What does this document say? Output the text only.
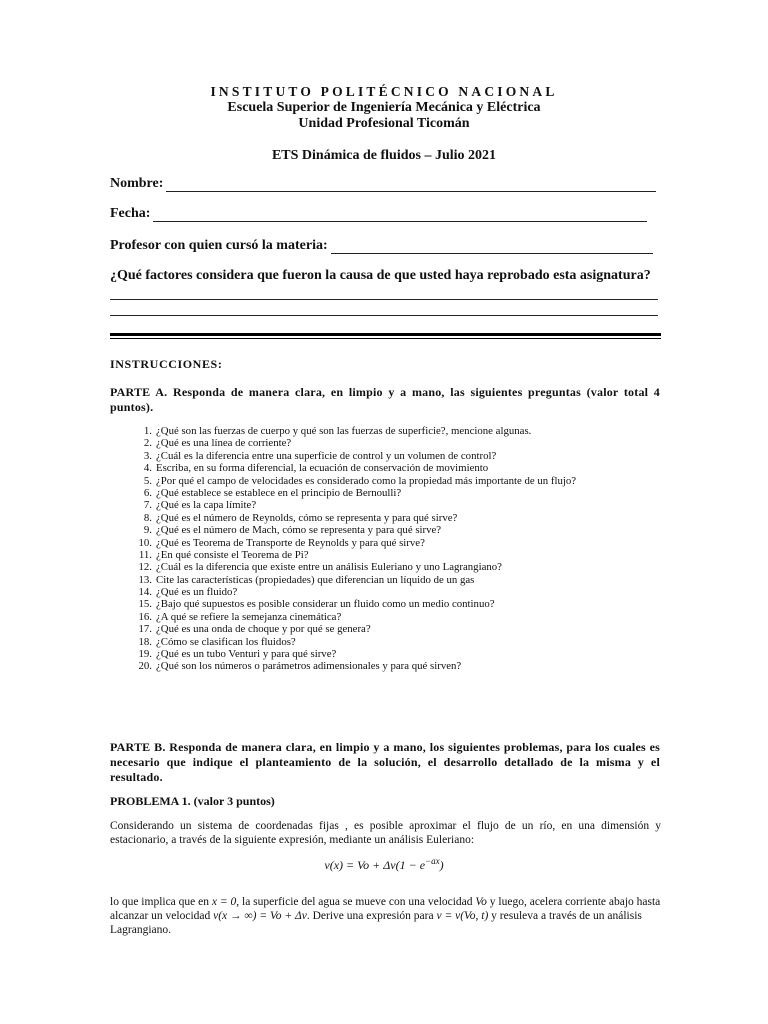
INSTITUTO POLITÉCNICO NACIONAL
Escuela Superior de Ingeniería Mecánica y Eléctrica
Unidad Profesional Ticomán
ETS Dinámica de fluidos – Julio 2021
Nombre:
Fecha:
Profesor con quien cursó la materia:
¿Qué factores considera que fueron la causa de que usted haya reprobado esta asignatura?
INSTRUCCIONES:
PARTE A. Responda de manera clara, en limpio y a mano, las siguientes preguntas (valor total 4 puntos).
1. ¿Qué son las fuerzas de cuerpo y qué son las fuerzas de superficie?, mencione algunas.
2. ¿Qué es una línea de corriente?
3. ¿Cuál es la diferencia entre una superficie de control y un volumen de control?
4. Escriba, en su forma diferencial, la ecuación de conservación de movimiento
5. ¿Por qué el campo de velocidades es considerado como la propiedad más importante de un flujo?
6. ¿Qué establece se establece en el principio de Bernoulli?
7. ¿Qué es la capa límite?
8. ¿Qué es el número de Reynolds, cómo se representa y para qué sirve?
9. ¿Qué es el número de Mach, cómo se representa y para qué sirve?
10. ¿Qué es Teorema de Transporte de Reynolds y para qué sirve?
11. ¿En qué consiste el Teorema de Pi?
12. ¿Cuál es la diferencia que existe entre un análisis Euleriano y uno Lagrangiano?
13. Cite las características (propiedades) que diferencian un líquido de un gas
14. ¿Qué es un fluido?
15. ¿Bajo qué supuestos es posible considerar un fluido como un medio continuo?
16. ¿A qué se refiere la semejanza cinemática?
17. ¿Qué es una onda de choque y por qué se genera?
18. ¿Cómo se clasifican los fluidos?
19. ¿Qué es un tubo Venturi y para qué sirve?
20. ¿Qué son los números o parámetros adimensionales y para qué sirven?
PARTE B. Responda de manera clara, en limpio y a mano, los siguientes problemas, para los cuales es necesario que indique el planteamiento de la solución, el desarrollo detallado de la misma y el resultado.
PROBLEMA 1. (valor 3 puntos)
Considerando un sistema de coordenadas fijas , es posible aproximar el flujo de un río, en una dimensión y estacionario, a través de la siguiente expresión, mediante un análisis Euleriano:
$v(x) = Vo + \Delta v(1 - e^{-ax})$
lo que implica que en x = 0, la superficie del agua se mueve con una velocidad Vo y luego, acelera corriente abajo hasta alcanzar un velocidad v(x → ∞) = Vo + Δv. Derive una expresión para v = v(Vo, t) y resuleva a través de un análisis Lagrangiano.
